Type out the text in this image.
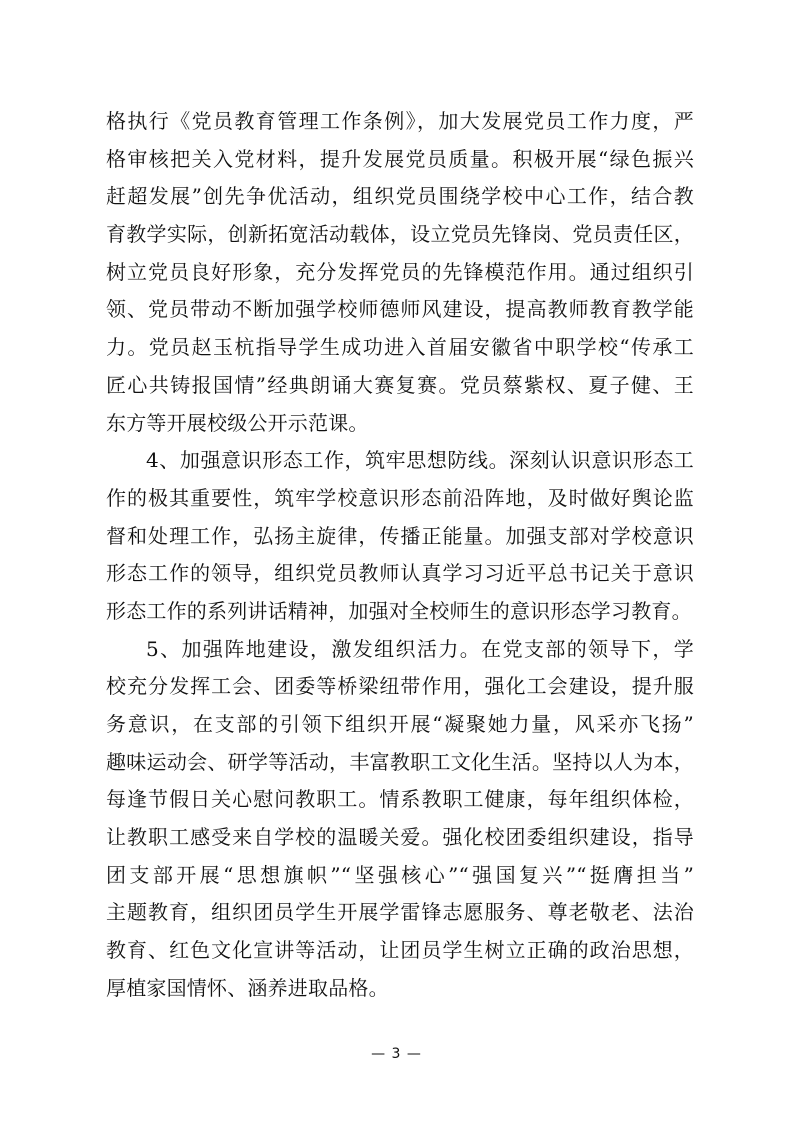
格执行《党员教育管理工作条例》，加大发展党员工作力度，严
格审核把关入党材料，提升发展党员质量。积极开展“绿色振兴
赶超发展”创先争优活动，组织党员围绕学校中心工作，结合教
育教学实际，创新拓宽活动载体，设立党员先锋岗、党员责任区，
树立党员良好形象，充分发挥党员的先锋模范作用。通过组织引
领、党员带动不断加强学校师德师风建设，提高教师教育教学能
力。党员赵玉杭指导学生成功进入首届安徽省中职学校“传承工
匠心共铸报国情”经典朗诵大赛复赛。党员蔡紫权、夏子健、王
东方等开展校级公开示范课。
4、加强意识形态工作，筑牢思想防线。深刻认识意识形态工
作的极其重要性，筑牢学校意识形态前沿阵地，及时做好舆论监
督和处理工作，弘扬主旋律，传播正能量。加强支部对学校意识
形态工作的领导，组织党员教师认真学习习近平总书记关于意识
形态工作的系列讲话精神，加强对全校师生的意识形态学习教育。
5、加强阵地建设，激发组织活力。在党支部的领导下，学
校充分发挥工会、团委等桥梁纽带作用，强化工会建设，提升服
务意识，在支部的引领下组织开展“凝聚她力量，风采亦飞扬”
趣味运动会、研学等活动，丰富教职工文化生活。坚持以人为本，
每逢节假日关心慰问教职工。情系教职工健康，每年组织体检，
让教职工感受来自学校的温暖关爱。强化校团委组织建设，指导
团支部开展“思想旗帜”“坚强核心”“强国复兴”“挺膺担当”
主题教育，组织团员学生开展学雷锋志愿服务、尊老敬老、法治
教育、红色文化宣讲等活动，让团员学生树立正确的政治思想，
厚植家国情怀、涵养进取品格。
— 3 —
